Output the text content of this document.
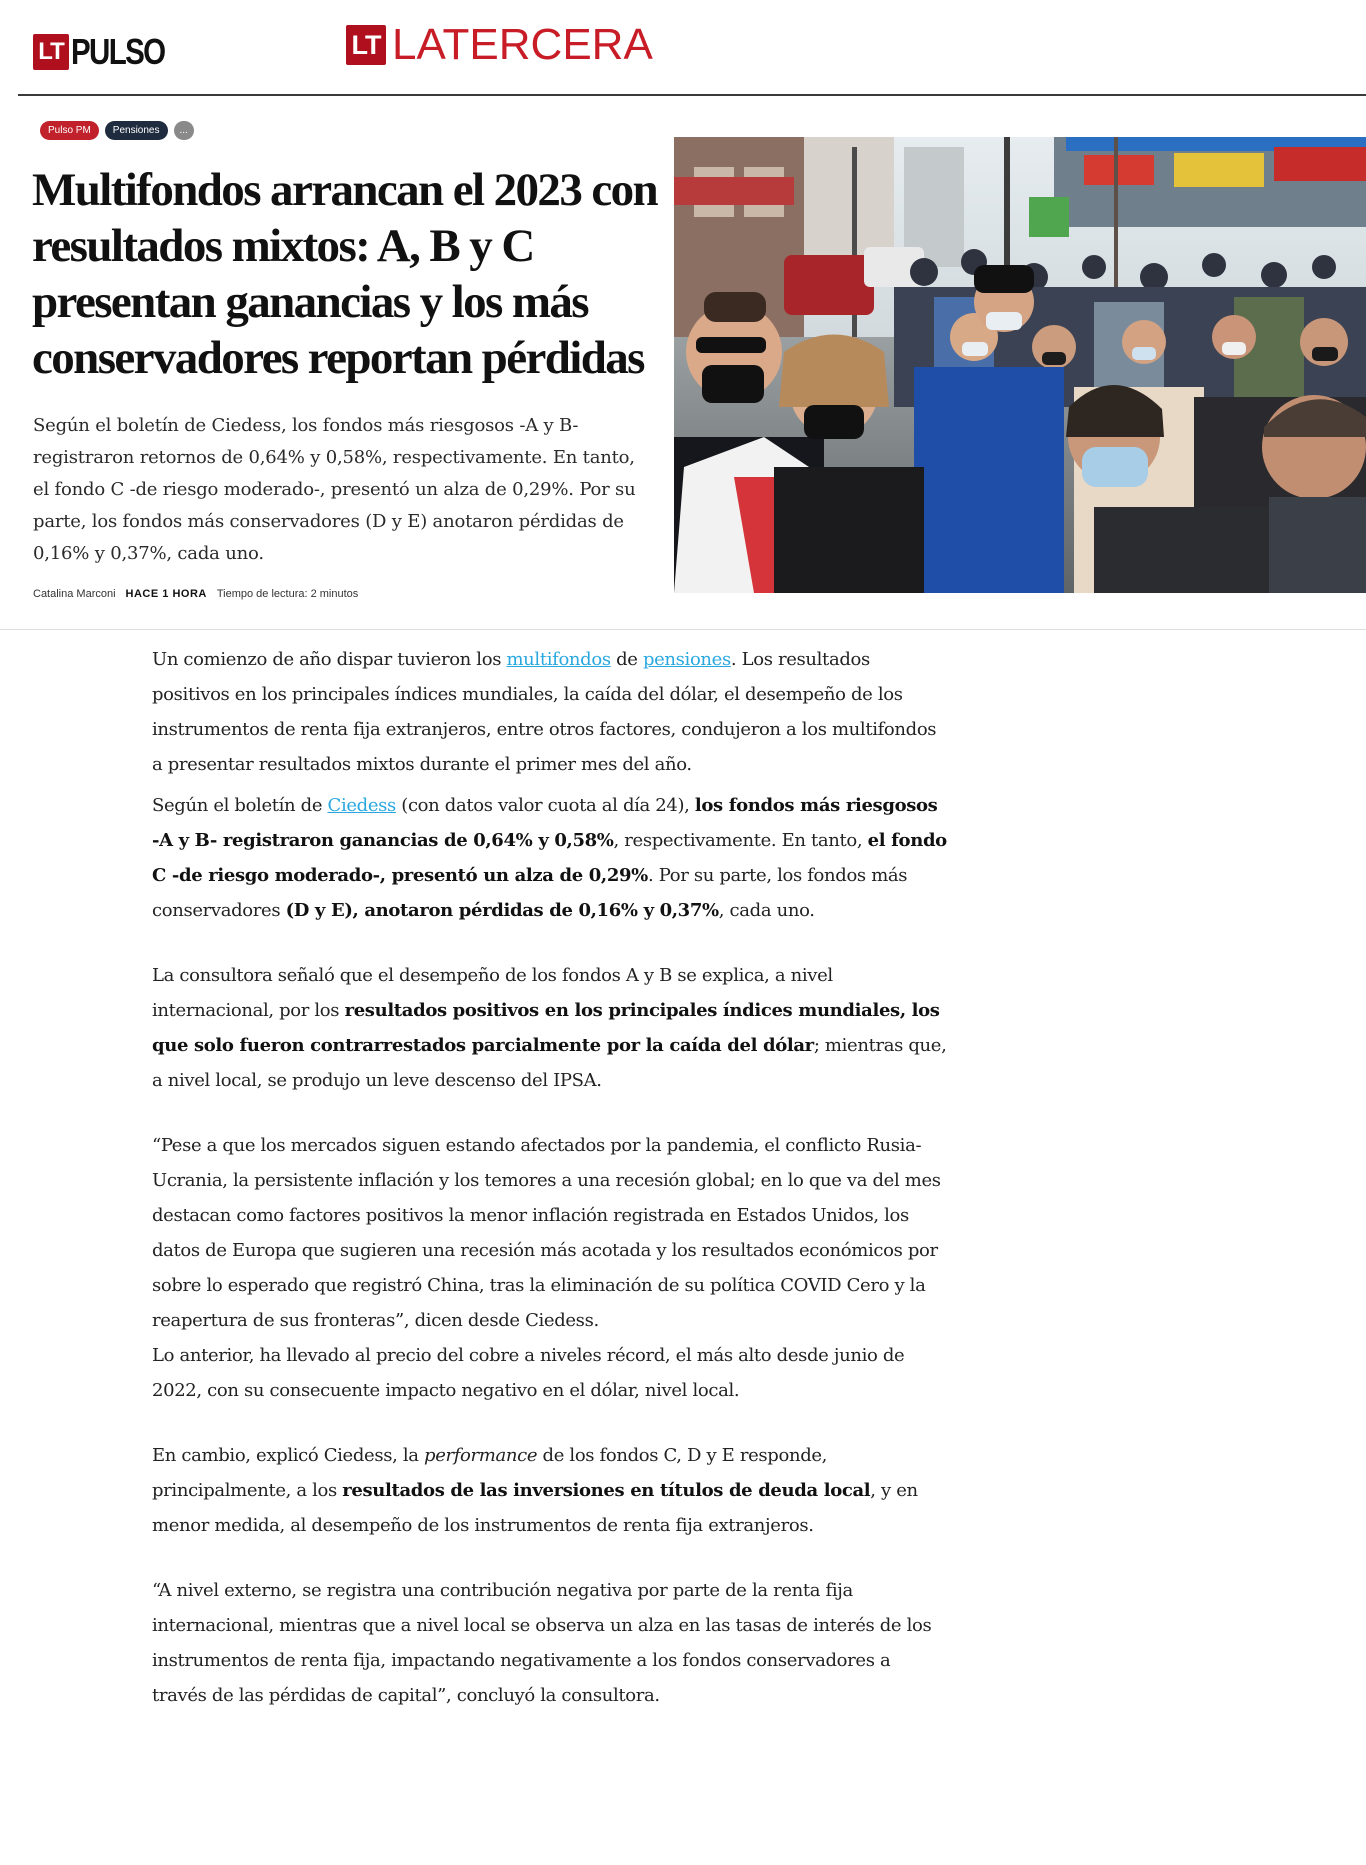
LT PULSO	LT LATERCERA
Pulso PM	Pensiones	...
Multifondos arrancan el 2023 con resultados mixtos: A, B y C presentan ganancias y los más conservadores reportan pérdidas

Según el boletín de Ciedess, los fondos más riesgosos -A y B- registraron retornos de 0,64% y 0,58%, respectivamente. En tanto, el fondo C -de riesgo moderado-, presentó un alza de 0,29%. Por su parte, los fondos más conservadores (D y E) anotaron pérdidas de 0,16% y 0,37%, cada uno.

Catalina Marconi HACE 1 HORA Tiempo de lectura: 2 minutos

Un comienzo de año dispar tuvieron los multifondos de pensiones. Los resultados positivos en los principales índices mundiales, la caída del dólar, el desempeño de los instrumentos de renta fija extranjeros, entre otros factores, condujeron a los multifondos a presentar resultados mixtos durante el primer mes del año.

Según el boletín de Ciedess (con datos valor cuota al día 24), los fondos más riesgosos -A y B- registraron ganancias de 0,64% y 0,58%, respectivamente. En tanto, el fondo C -de riesgo moderado-, presentó un alza de 0,29%. Por su parte, los fondos más conservadores (D y E), anotaron pérdidas de 0,16% y 0,37%, cada uno.

La consultora señaló que el desempeño de los fondos A y B se explica, a nivel internacional, por los resultados positivos en los principales índices mundiales, los que solo fueron contrarrestados parcialmente por la caída del dólar; mientras que, a nivel local, se produjo un leve descenso del IPSA.

“Pese a que los mercados siguen estando afectados por la pandemia, el conflicto Rusia-Ucrania, la persistente inflación y los temores a una recesión global; en lo que va del mes destacan como factores positivos la menor inflación registrada en Estados Unidos, los datos de Europa que sugieren una recesión más acotada y los resultados económicos por sobre lo esperado que registró China, tras la eliminación de su política COVID Cero y la reapertura de sus fronteras”, dicen desde Ciedess.

Lo anterior, ha llevado al precio del cobre a niveles récord, el más alto desde junio de 2022, con su consecuente impacto negativo en el dólar, nivel local.

En cambio, explicó Ciedess, la performance de los fondos C, D y E responde, principalmente, a los resultados de las inversiones en títulos de deuda local, y en menor medida, al desempeño de los instrumentos de renta fija extranjeros.

“A nivel externo, se registra una contribución negativa por parte de la renta fija internacional, mientras que a nivel local se observa un alza en las tasas de interés de los instrumentos de renta fija, impactando negativamente a los fondos conservadores a través de las pérdidas de capital”, concluyó la consultora.
